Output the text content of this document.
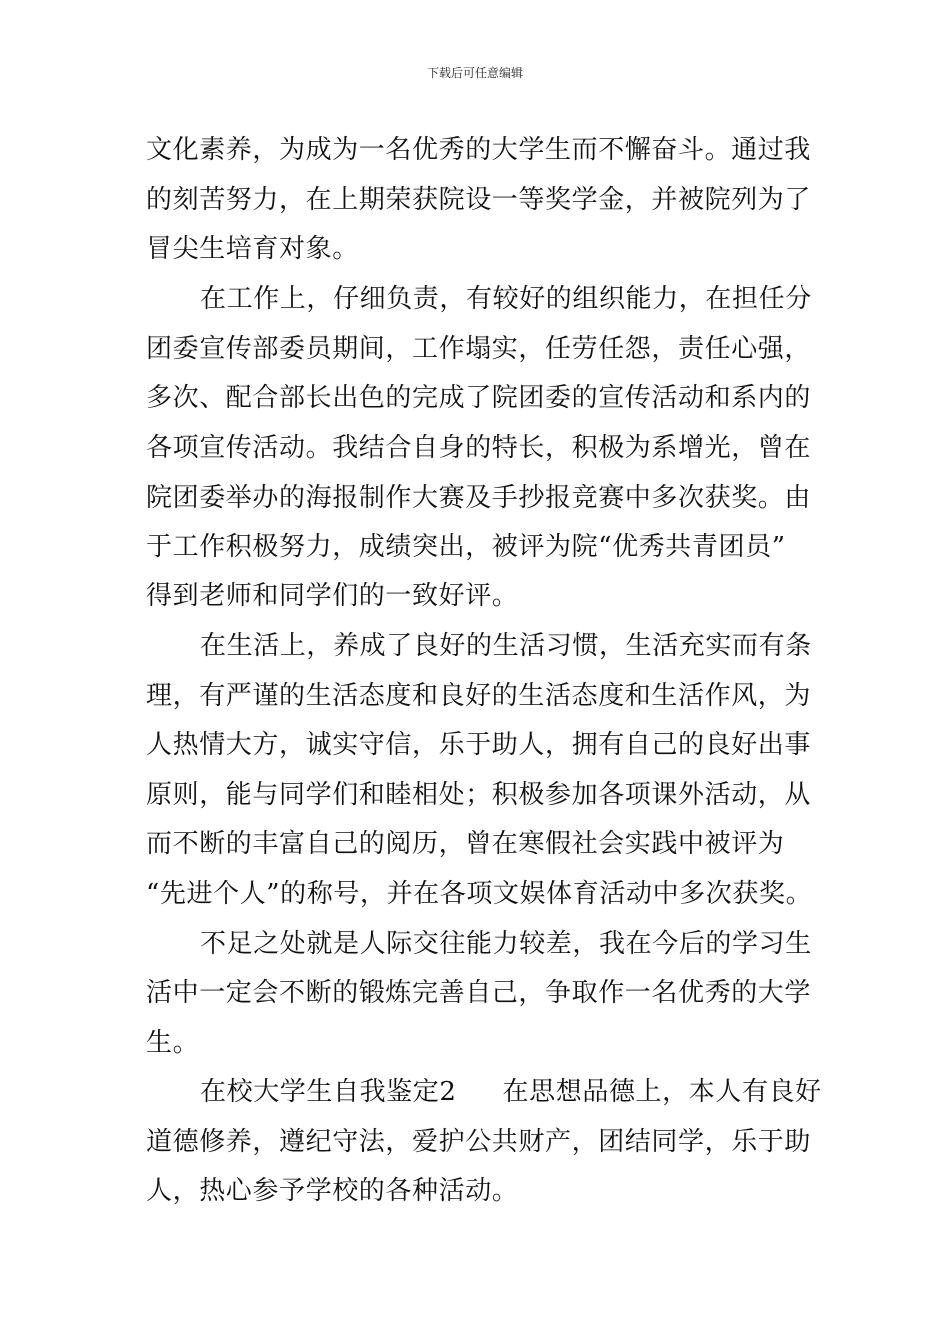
下载后可任意编辑
文化素养，为成为一名优秀的大学生而不懈奋斗。通过我
的刻苦努力，在上期荣获院设一等奖学金，并被院列为了
冒尖生培育对象。
在工作上，仔细负责，有较好的组织能力，在担任分
团委宣传部委员期间，工作塌实，任劳任怨，责任心强，
多次、配合部长出色的完成了院团委的宣传活动和系内的
各项宣传活动。我结合自身的特长，积极为系增光，曾在
院团委举办的海报制作大赛及手抄报竞赛中多次获奖。由
于工作积极努力，成绩突出，被评为院“优秀共青团员”
得到老师和同学们的一致好评。
在生活上，养成了良好的生活习惯，生活充实而有条
理，有严谨的生活态度和良好的生活态度和生活作风，为
人热情大方，诚实守信，乐于助人，拥有自己的良好出事
原则，能与同学们和睦相处；积极参加各项课外活动，从
而不断的丰富自己的阅历，曾在寒假社会实践中被评为
“先进个人”的称号，并在各项文娱体育活动中多次获奖。
不足之处就是人际交往能力较差，我在今后的学习生
活中一定会不断的锻炼完善自己，争取作一名优秀的大学
生。
在校大学生自我鉴定2 在思想品德上，本人有良好
道德修养，遵纪守法，爱护公共财产，团结同学，乐于助
人，热心参予学校的各种活动。
